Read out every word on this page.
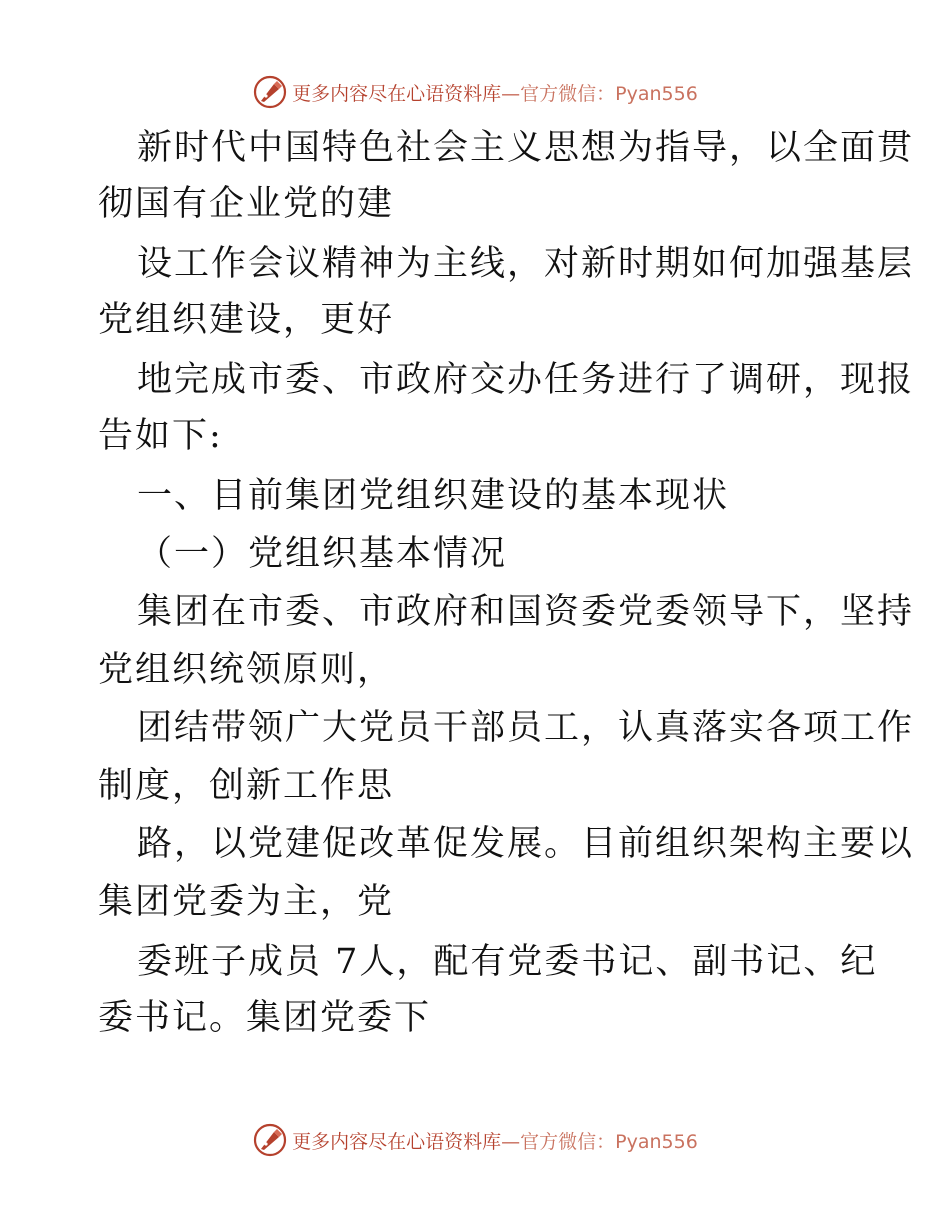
更多内容尽在心语资料库—官方微信：Pyan556
新时代中国特色社会主义思想为指导，以全面贯
彻国有企业党的建
设工作会议精神为主线，对新时期如何加强基层
党组织建设，更好
地完成市委、市政府交办任务进行了调研，现报
告如下:
一、目前集团党组织建设的基本现状
（一）党组织基本情况
集团在市委、市政府和国资委党委领导下，坚持
党组织统领原则，
团结带领广大党员干部员工，认真落实各项工作
制度，创新工作思
路，以党建促改革促发展。目前组织架构主要以
集团党委为主，党
委班子成员 7人，配有党委书记、副书记、纪
委书记。集团党委下
更多内容尽在心语资料库—官方微信：Pyan556
